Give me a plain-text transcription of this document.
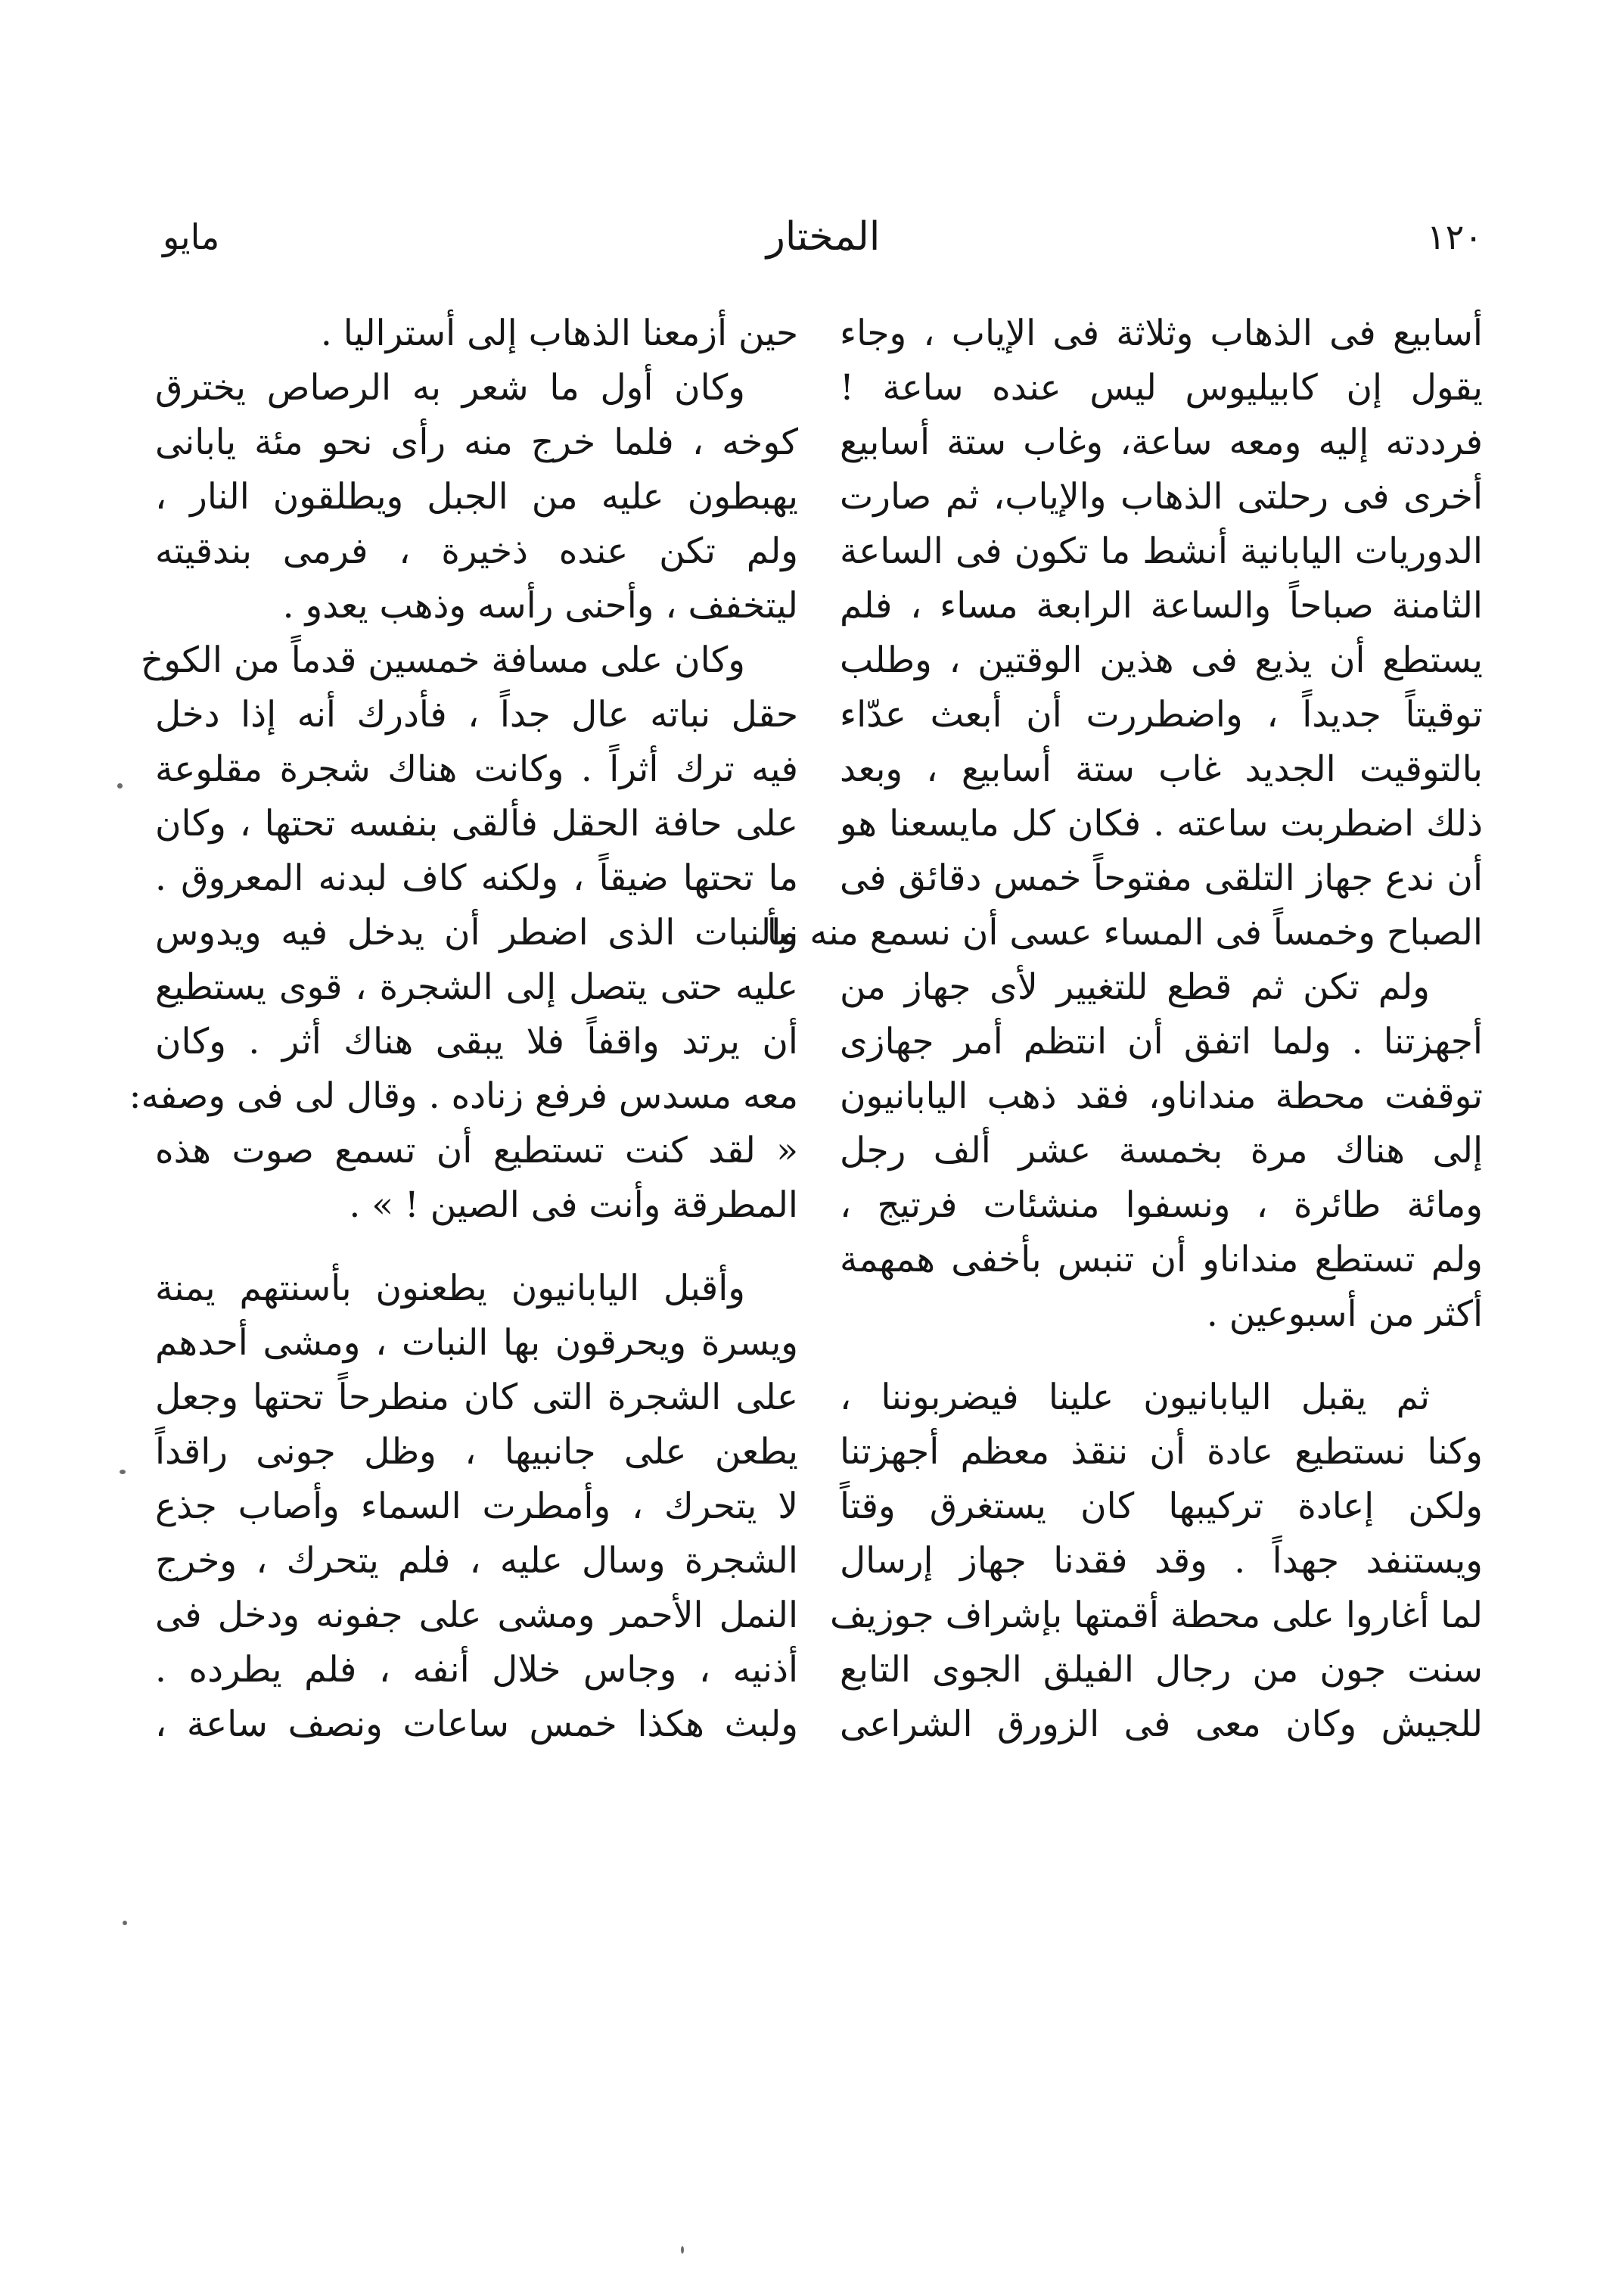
١٢٠
المختار
مايو
أسابيع فى الذهاب وثلاثة فى الإياب ، وجاء
يقول إن كابيليوس ليس عنده ساعة !
فرددته إليه ومعه ساعة، وغاب ستة أسابيع
أخرى فى رحلتى الذهاب والإياب، ثم صارت
الدوريات اليابانية أنشط ما تكون فى الساعة
الثامنة صباحاً والساعة الرابعة مساء ، فلم
يستطع أن يذيع فى هذين الوقتين ، وطلب
توقيتاً جديداً ، واضطررت أن أبعث عدّاء
بالتوقيت الجديد غاب ستة أسابيع ، وبعد
ذلك اضطربت ساعته . فكان كل مايسعنا هو
أن ندع جهاز التلقى مفتوحاً خمس دقائق فى
الصباح وخمساً فى المساء عسى أن نسمع منه نبأ.
ولم تكن ثم قطع للتغيير لأى جهاز من
أجهزتنا . ولما اتفق أن انتظم أمر جهازى
توقفت محطة منداناو، فقد ذهب اليابانيون
إلى هناك مرة بخمسة عشر ألف رجل
ومائة طائرة ، ونسفوا منشئات فرتيج ،
ولم تستطع منداناو أن تنبس بأخفى همهمة
أكثر من أسبوعين .
ثم يقبل اليابانيون علينا فيضربوننا ،
وكنا نستطيع عادة أن ننقذ معظم أجهزتنا
ولكن إعادة تركيبها كان يستغرق وقتاً
ويستنفد جهداً . وقد فقدنا جهاز إرسال
لما أغاروا على محطة أقمتها بإشراف جوزيف
سنت جون من رجال الفيلق الجوى التابع
للجيش وكان معى فى الزورق الشراعى
حين أزمعنا الذهاب إلى أستراليا .
وكان أول ما شعر به الرصاص يخترق
كوخه ، فلما خرج منه رأى نحو مئة يابانى
يهبطون عليه من الجبل ويطلقون النار ،
ولم تكن عنده ذخيرة ، فرمى بندقيته
ليتخفف ، وأحنى رأسه وذهب يعدو .
وكان على مسافة خمسين قدماً من الكوخ
حقل نباته عال جداً ، فأدرك أنه إذا دخل
فيه ترك أثراً . وكانت هناك شجرة مقلوعة
على حافة الحقل فألقى بنفسه تحتها ، وكان
ما تحتها ضيقاً ، ولكنه كاف لبدنه المعروق .
والنبات الذى اضطر أن يدخل فيه ويدوس
عليه حتى يتصل إلى الشجرة ، قوى يستطيع
أن يرتد واقفاً فلا يبقى هناك أثر . وكان
معه مسدس فرفع زناده . وقال لى فى وصفه:
« لقد كنت تستطيع أن تسمع صوت هذه
المطرقة وأنت فى الصين ! » .
وأقبل اليابانيون يطعنون بأسنتهم يمنة
ويسرة ويحرقون بها النبات ، ومشى أحدهم
على الشجرة التى كان منطرحاً تحتها وجعل
يطعن على جانبيها ، وظل جونى راقداً
لا يتحرك ، وأمطرت السماء وأصاب جذع
الشجرة وسال عليه ، فلم يتحرك ، وخرج
النمل الأحمر ومشى على جفونه ودخل فى
أذنيه ، وجاس خلال أنفه ، فلم يطرده .
ولبث هكذا خمس ساعات ونصف ساعة ،
